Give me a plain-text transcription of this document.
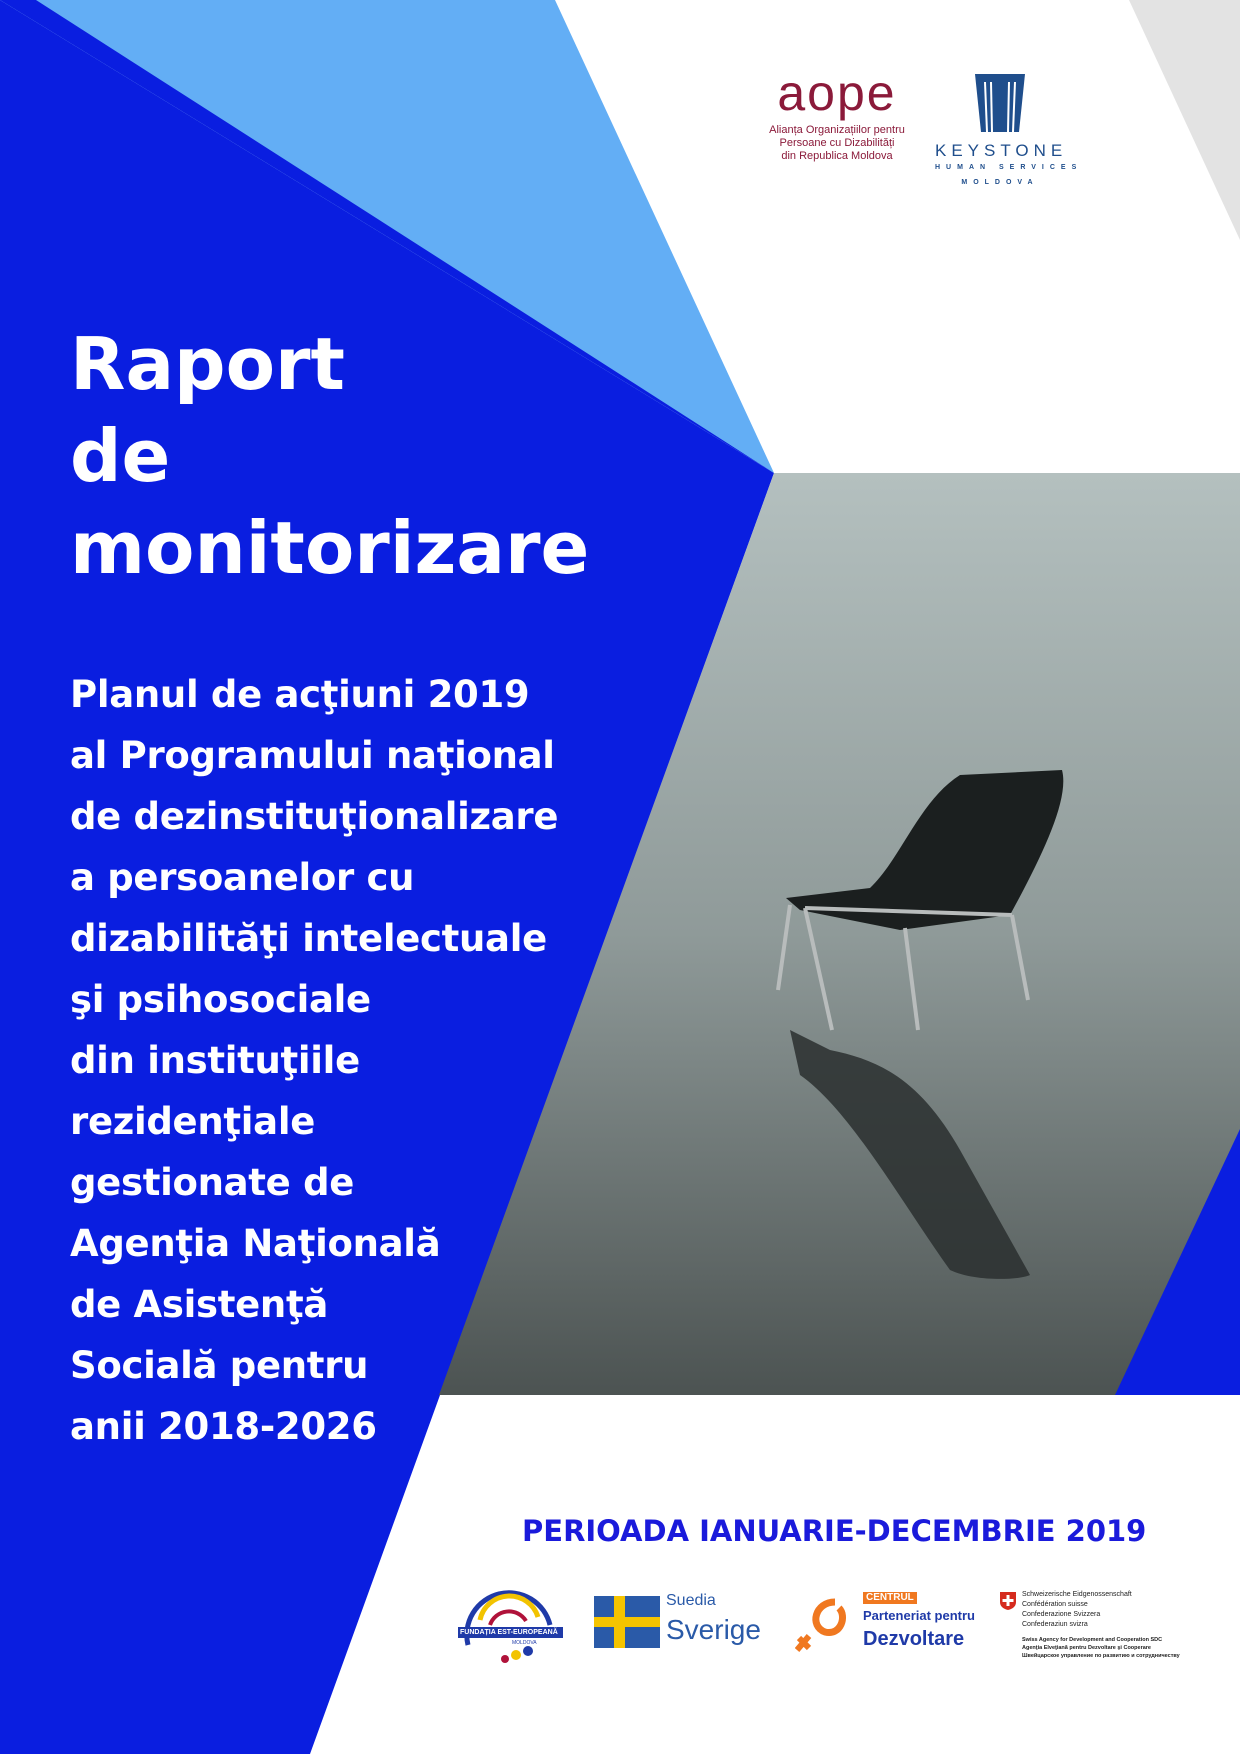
aope
Alianța Organizațiilor pentru
Persoane cu Dizabilități
din Republica Moldova	KEYSTONE
HUMAN SERVICES
MOLDOVA
Raport
de
monitorizare
Planul de acţiuni 2019
al Programului naţional
de dezinstituţionalizare
a persoanelor cu
dizabilităţi intelectuale
şi psihosociale
din instituţiile
rezidenţiale
gestionate de
Agenţia Naţională
de Asistenţă
Socială pentru
anii 2018-2026
PERIOADA IANUARIE-DECEMBRIE 2019
FUNDAȚIA EST-EUROPEANĂ
MOLDOVA
Suedia
Sverige
CENTRUL
Parteneriat pentru
Dezvoltare
Schweizerische Eidgenossenschaft
Confédération suisse
Confederazione Svizzera
Confederaziun svizra
Swiss Agency for Development and Cooperation SDC
Agenţia Elveţiană pentru Dezvoltare şi Cooperare
Швейцарское управление по развитию и сотрудничеству
